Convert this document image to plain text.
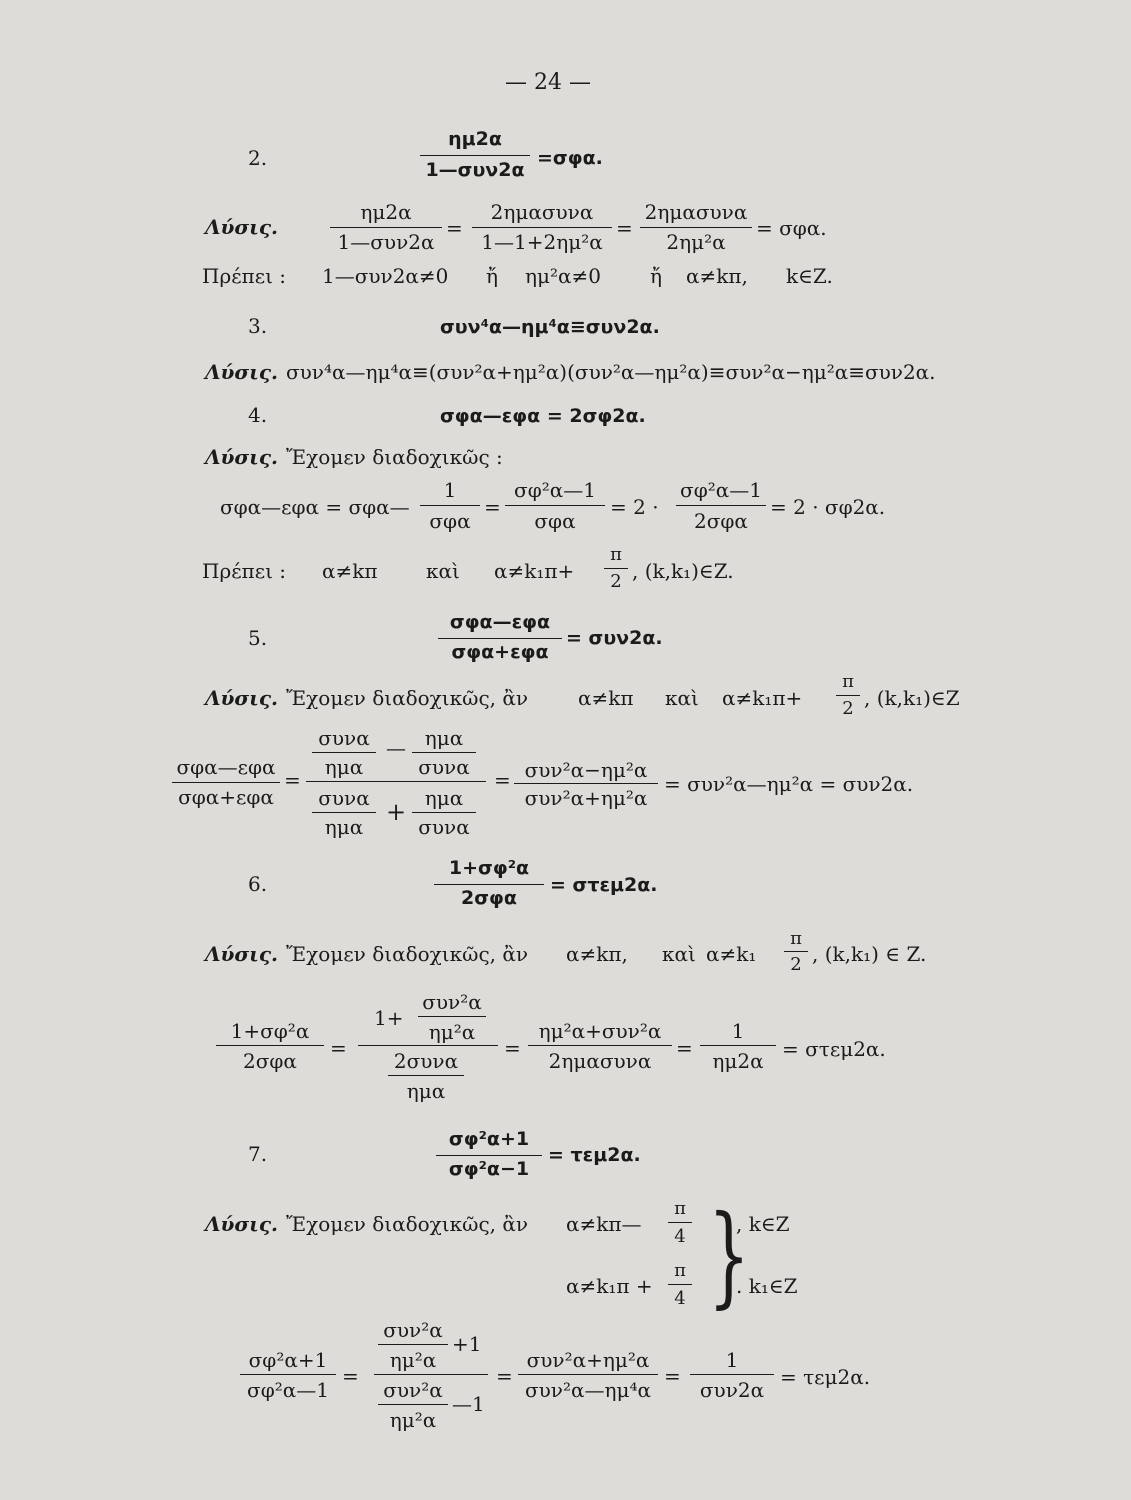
— 24 —
2.
ημ2α
1—συν2α
=σφα.
Λύσις.
ημ2α
1—συν2α
=
2ημασυνα
1—1+2ημ²α
=
2ημασυνα
2ημ²α
= σφα.
Πρέπει : 1—συν2α≠0 ἤ ημ²α≠0 ἤ α≠kπ, k∈Z.
3.	συν⁴α—ημ⁴α≡συν2α.
Λύσις. συν⁴α—ημ⁴α≡(συν²α+ημ²α)(συν²α—ημ²α)≡συν²α−ημ²α≡συν2α.
4.	σφα—εφα = 2σφ2α.
Λύσις. Ἔχομεν διαδοχικῶς :
σφα—εφα = σφα—
1
σφα
=
σφ²α—1
σφα
= 2 ·
σφ²α—1
2σφα
= 2 · σφ2α.
Πρέπει : α≠kπ καὶ α≠k₁π+
π
2 , (k,k₁)∈Z.
5.
σφα—εφα
σφα+εφα
= συν2α.
Λύσις. Ἔχομεν διαδοχικῶς, ἂν α≠kπ καὶ α≠k₁π+
π
2 , (k,k₁)∈Z
σφα—εφα
σφα+εφα
=
συνα
ημα
— ημα
συνα
συνα
ημα
+ ημα
συνα
= συν²α−ημ²α
συν²α+ημ²α
= συν²α—ημ²α = συν2α.
6.
1+σφ²α
2σφα
= στεμ2α.
Λύσις. Ἔχομεν διαδοχικῶς, ἂν α≠kπ, καὶ α≠k₁
π
2 , (k,k₁) ∈ Z.
1+σφ²α
2σφα
=
1+
συν²α
ημ²α
2συνα
ημα
=
ημ²α+συν²α
2ημασυνα
=
1
ημ2α = στεμ2α.
7.
σφ²α+1
σφ²α−1
= τεμ2α.
Λύσις. Ἔχομεν διαδοχικῶς, ἂν α≠kπ—
π
4
, k∈Z
α≠k₁π +
π
4
. k₁∈Z
}
σφ²α+1
σφ²α—1
=
συν²α
ημ²α
+1
συν²α
ημ²α
—1
=
συν²α+ημ²α
συν²α—ημ⁴α
=
1
συν2α
= τεμ2α.
